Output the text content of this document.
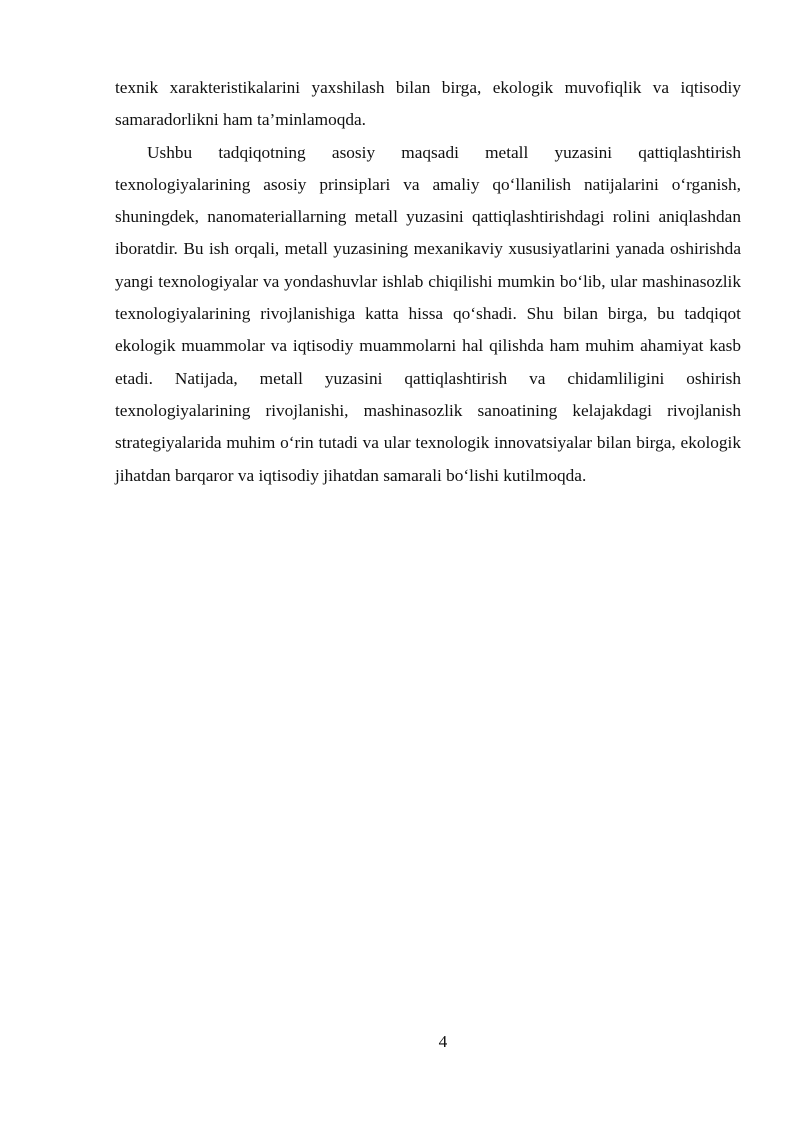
texnik xarakteristikalarini yaxshilash bilan birga, ekologik muvofiqlik va iqtisodiy samaradorlikni ham ta’minlamoqda.

Ushbu tadqiqotning asosiy maqsadi metall yuzasini qattiqlashtirish texnologiyalarining asosiy prinsiplari va amaliy qo‘llanilish natijalarini o‘rganish, shuningdek, nanomateriallarning metall yuzasini qattiqlashtirishdagi rolini aniqlashdan iboratdir. Bu ish orqali, metall yuzasining mexanikaviy xususiyatlarini yanada oshirishda yangi texnologiyalar va yondashuvlar ishlab chiqilishi mumkin bo‘lib, ular mashinasozlik texnologiyalarining rivojlanishiga katta hissa qo‘shadi. Shu bilan birga, bu tadqiqot ekologik muammolar va iqtisodiy muammolarni hal qilishda ham muhim ahamiyat kasb etadi. Natijada, metall yuzasini qattiqlashtirish va chidamliligini oshirish texnologiyalarining rivojlanishi, mashinasozlik sanoatining kelajakdagi rivojlanish strategiyalarida muhim o‘rin tutadi va ular texnologik innovatsiyalar bilan birga, ekologik jihatdan barqaror va iqtisodiy jihatdan samarali bo‘lishi kutilmoqda.

4
